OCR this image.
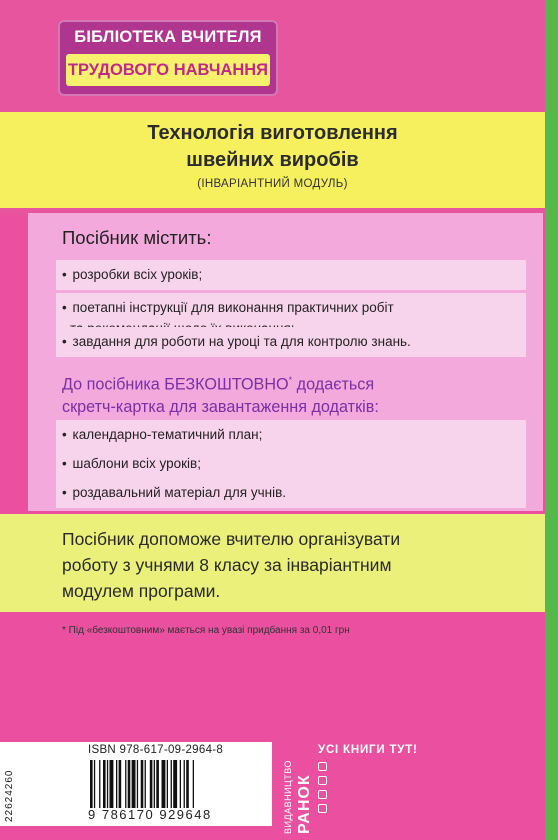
БІБЛІОТЕКА ВЧИТЕЛЯ
ТРУДОВОГО НАВЧАННЯ
Технологія виготовлення
швейних виробів
(ІНВАРІАНТНИЙ МОДУЛЬ)
Посібник містить:
• розробки всіх уроків;
• поетапні інструкції для виконання практичних робіт

• завдання для роботи на уроці та для контролю знань.
До посібника БЕЗКОШТОВНО* додається
скретч-картка для завантаження додатків:
• календарно-тематичний план;
• шаблони всіх уроків;
• роздавальний матеріал для учнів.
Посібник допоможе вчителю організувати
роботу з учнями 8 класу за інваріантним
модулем програми.
* Під «безкоштовним» мається на увазі придбання за 0,01 грн
22624260
ISBN 978-617-09-2964-8
9 786170 929648	ВИДАВНИЦТВО РАНОК
УСІ КНИГИ ТУТ!
